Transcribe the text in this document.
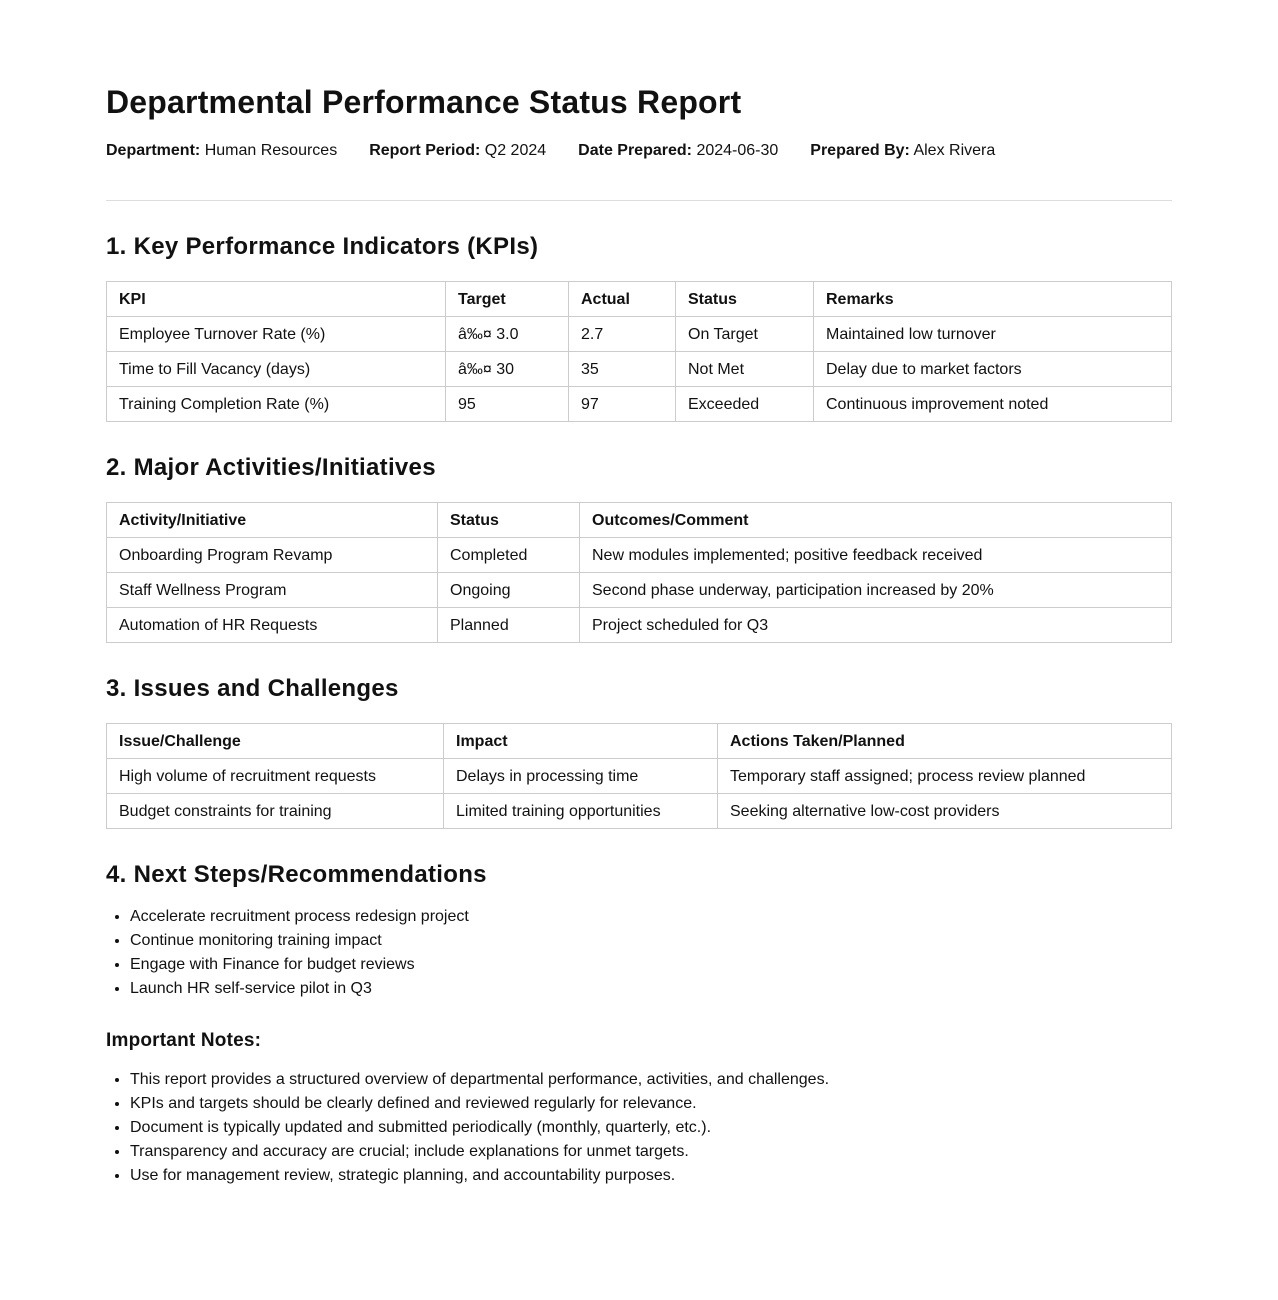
Departmental Performance Status Report
Department: Human Resources Report Period: Q2 2024 Date Prepared: 2024-06-30 Prepared By: Alex Rivera
1. Key Performance Indicators (KPIs)
KPI	Target	Actual	Status	Remarks
Employee Turnover Rate (%)	â‰¤ 3.0	2.7	On Target	Maintained low turnover
Time to Fill Vacancy (days)	â‰¤ 30	35	Not Met	Delay due to market factors
Training Completion Rate (%)	95	97	Exceeded	Continuous improvement noted
2. Major Activities/Initiatives
Activity/Initiative	Status	Outcomes/Comment
Onboarding Program Revamp	Completed	New modules implemented; positive feedback received
Staff Wellness Program	Ongoing	Second phase underway, participation increased by 20%
Automation of HR Requests	Planned	Project scheduled for Q3
3. Issues and Challenges
Issue/Challenge	Impact	Actions Taken/Planned
High volume of recruitment requests	Delays in processing time	Temporary staff assigned; process review planned
Budget constraints for training	Limited training opportunities	Seeking alternative low-cost providers
4. Next Steps/Recommendations
• Accelerate recruitment process redesign project
• Continue monitoring training impact
• Engage with Finance for budget reviews
• Launch HR self-service pilot in Q3
Important Notes:
• This report provides a structured overview of departmental performance, activities, and challenges.
• KPIs and targets should be clearly defined and reviewed regularly for relevance.
• Document is typically updated and submitted periodically (monthly, quarterly, etc.).
• Transparency and accuracy are crucial; include explanations for unmet targets.
• Use for management review, strategic planning, and accountability purposes.
